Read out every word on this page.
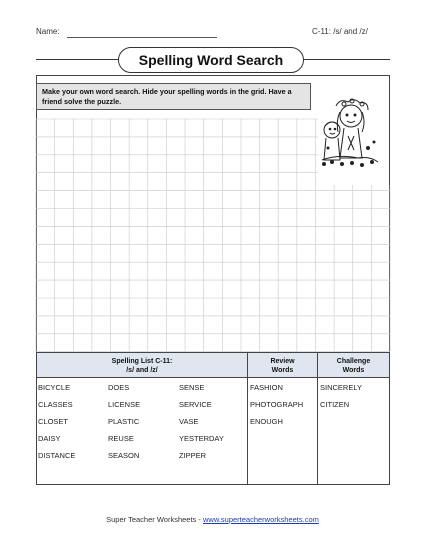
Name:	C-11: /s/ and /z/
Spelling Word Search
Make your own word search. Hide your spelling words in the grid. Have a friend solve the puzzle.
Spelling List C-11:
/s/ and /z/
Review
Words
Challenge
Words
BICYCLE
CLASSES
CLOSET
DAISY
DISTANCE
DOES
LICENSE
PLASTIC
REUSE
SEASON
SENSE
SERVICE
VASE
YESTERDAY
ZIPPER
FASHION
PHOTOGRAPH
ENOUGH
SINCERELY
CITIZEN
Super Teacher Worksheets - www.superteacherworksheets.com
